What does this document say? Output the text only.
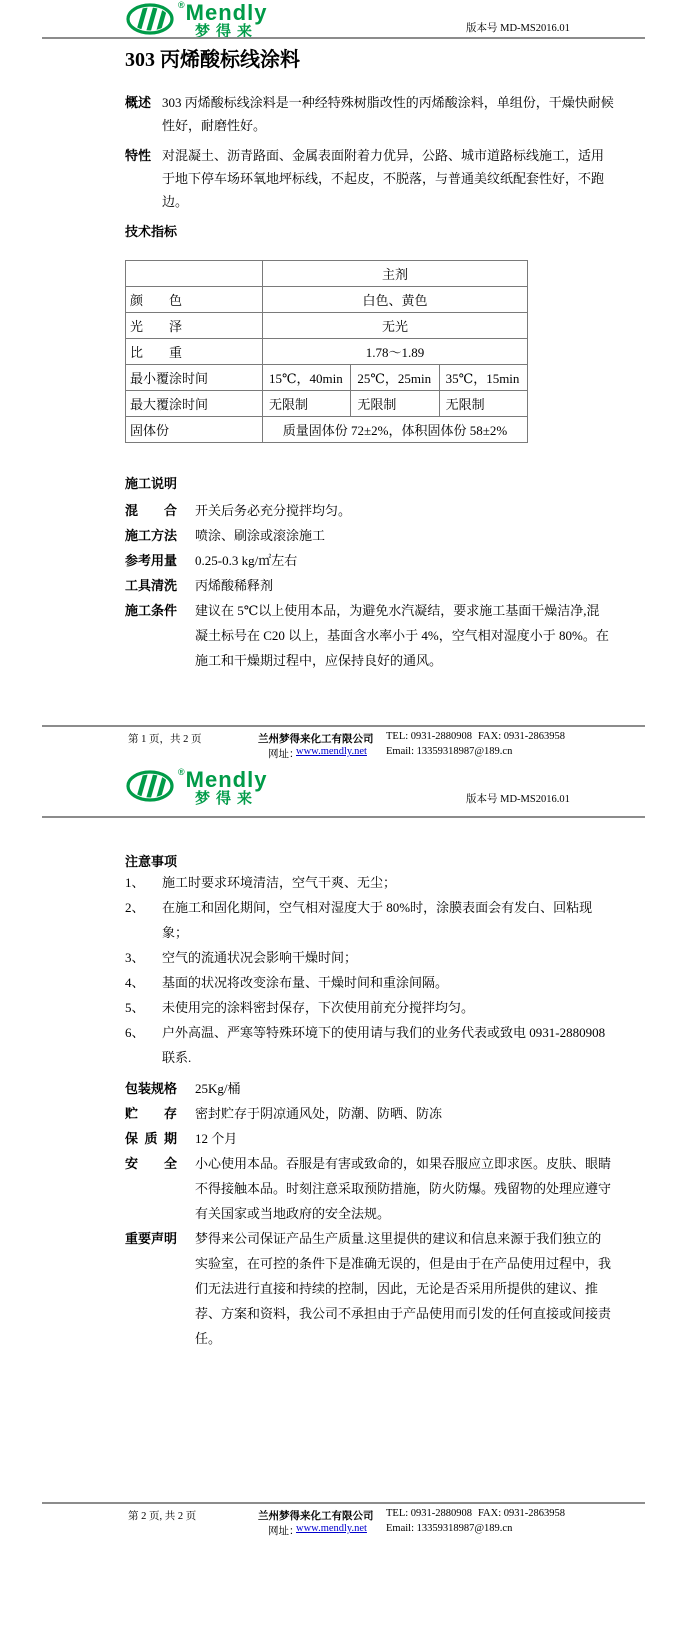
® Mendly
梦得来	版本号 MD-MS2016.01
303 丙烯酸标线涂料
概述 303 丙烯酸标线涂料是一种经特殊树脂改性的丙烯酸涂料，单组份，干燥快耐候性好，耐磨性好。
特性 对混凝土、沥青路面、金属表面附着力优异，公路、城市道路标线施工，适用于地下停车场环氧地坪标线，不起皮，不脱落，与普通美纹纸配套性好，不跑边。
技术指标
	主剂		
颜色	白色、黄色		
光泽	无光		
比重	1.78～1.89		
最小覆涂时间	15℃，40min	25℃，25min	35℃，15min
最大覆涂时间	无限制	无限制	无限制
固体份	质量固体份 72±2%，体积固体份 58±2%		
施工说明
混合	开关后务必充分搅拌均匀。
施工方法	喷涂、刷涂或滚涂施工
参考用量	0.25-0.3 kg/㎡左右
工具清洗	丙烯酸稀释剂
施工条件	建议在 5℃以上使用本品，为避免水汽凝结，要求施工基面干燥洁净,混凝土标号在 C20 以上，基面含水率小于 4%，空气相对湿度小于 80%。在施工和干燥期过程中，应保持良好的通风。
第 1 页，共 2 页	兰州梦得来化工有限公司 TEL: 0931-2880908 FAX: 0931-2863958
网址：
www.mendly.net Email: 13359318987@189.cn
® Mendly
梦得来	版本号 MD-MS2016.01
注意事项
1、	施工时要求环境清洁，空气干爽、无尘；
2、	在施工和固化期间，空气相对湿度大于 80%时，涂膜表面会有发白、回粘现象；
3、	空气的流通状况会影响干燥时间；
4、	基面的状况将改变涂布量、干燥时间和重涂间隔。
5、	未使用完的涂料密封保存，下次使用前充分搅拌均匀。
6、	户外高温、严寒等特殊环境下的使用请与我们的业务代表或致电 0931-2880908 联系.
包装规格	25Kg/桶
贮存	密封贮存于阴凉通风处，防潮、防晒、防冻
保质期	12 个月
安全	小心使用本品。吞服是有害或致命的，如果吞服应立即求医。皮肤、眼睛不得接触本品。时刻注意采取预防措施，防火防爆。残留物的处理应遵守有关国家或当地政府的安全法规。
重要声明	梦得来公司保证产品生产质量.这里提供的建议和信息来源于我们独立的实验室，在可控的条件下是准确无误的，但是由于在产品使用过程中，我们无法进行直接和持续的控制，因此，无论是否采用所提供的建议、推荐、方案和资料，我公司不承担由于产品使用而引发的任何直接或间接责任。
第 2 页, 共 2 页	兰州梦得来化工有限公司 TEL: 0931-2880908 FAX: 0931-2863958
网址：
www.mendly.net Email: 13359318987@189.cn
